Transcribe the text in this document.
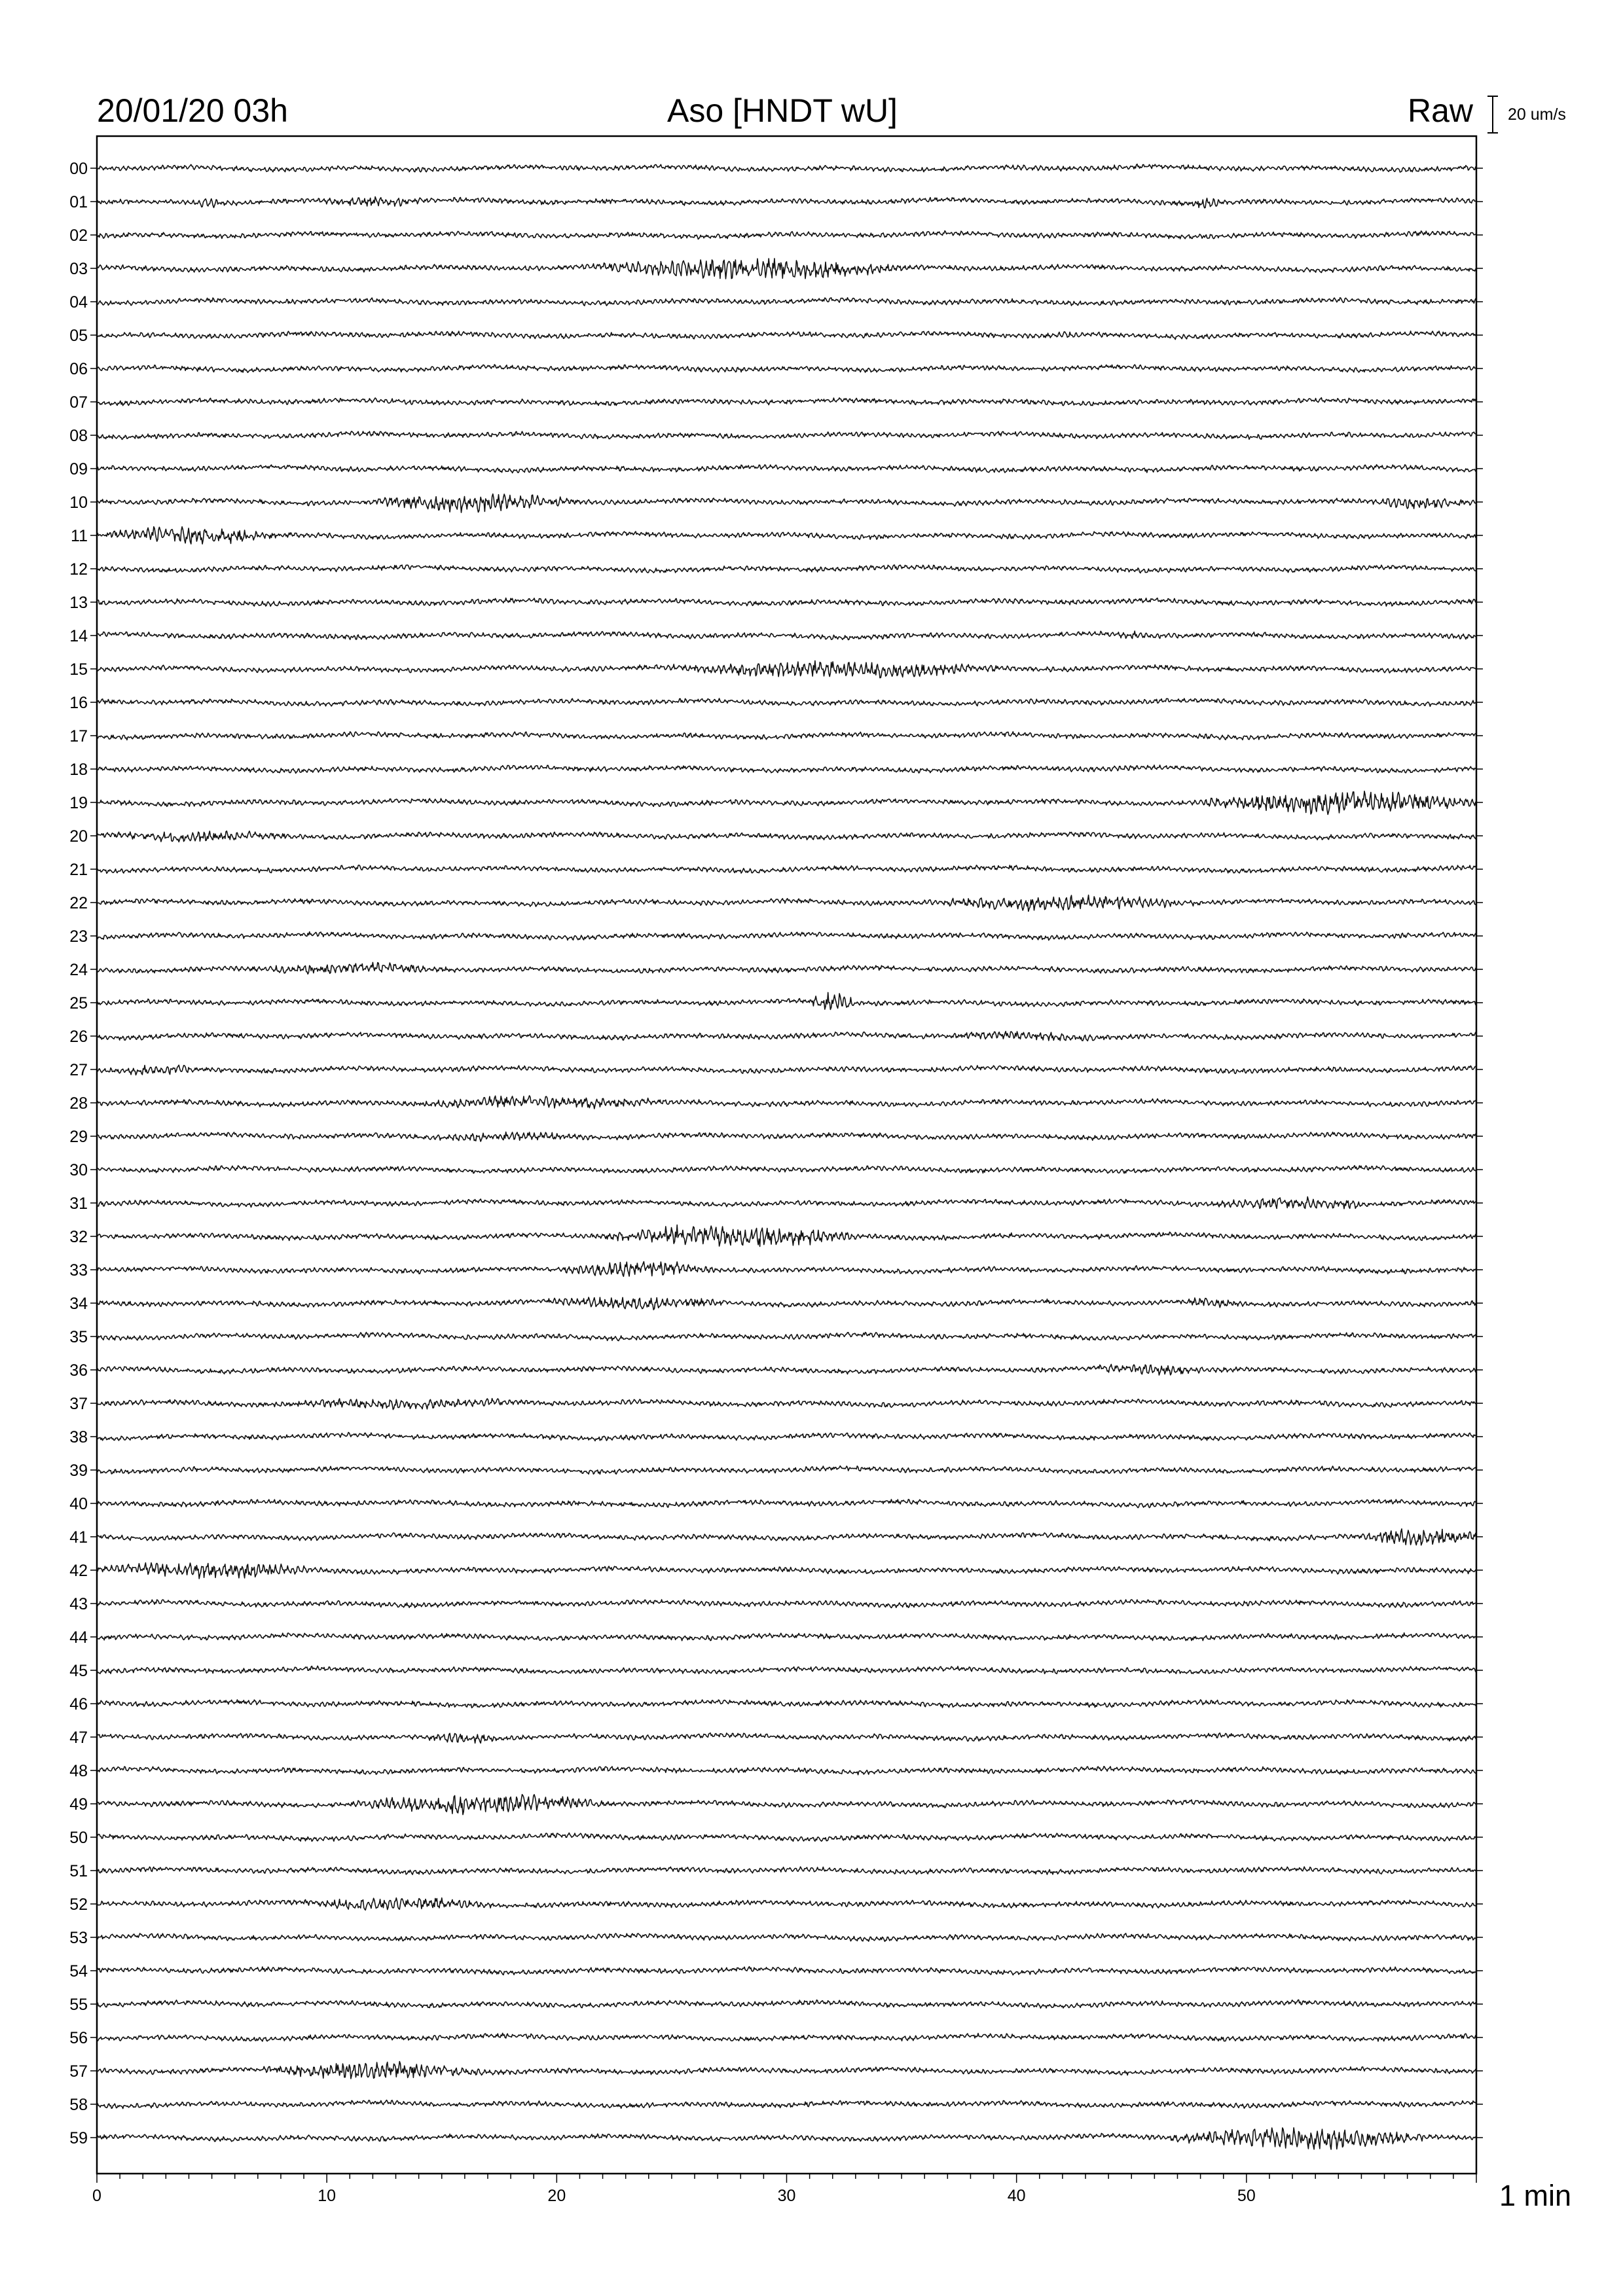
20/01/20 03h	Aso [HNDT wU]	Raw 20 um/s
00
01
02
03
04
05
06
07
08
09
10
11
12
13
14
15
16
17
18
19
20
21
22
23
24
25
26
27
28
29
30
31
32
33
34
35
36
37
38
39
40
41
42
43
44
45
46
47
48
49
50
51
52
53
54
55
56
57
58
59
0	10	20	30	40	50	1 min
